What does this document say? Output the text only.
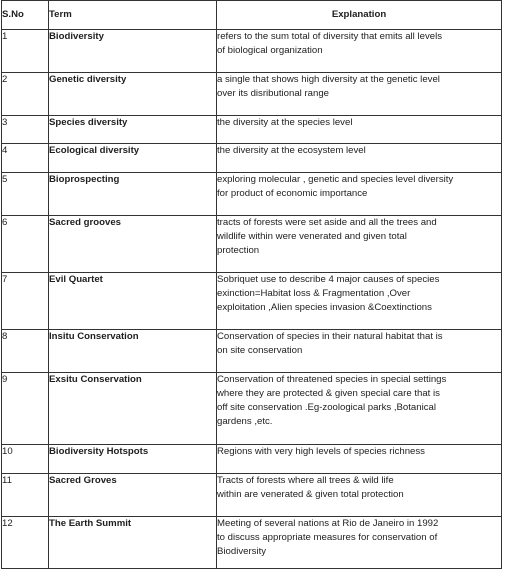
S.No	Term	Explanation
1	Biodiversity	refers to the sum total of diversity that emits all levels
of biological organization

2	Genetic diversity	a single that shows high diversity at the genetic level
over its disributional range

3	Species diversity	the diversity at the species level

4	Ecological diversity	the diversity at the ecosystem level

5	Bioprospecting	exploring molecular , genetic and species level diversity
for product of economic importance

6	Sacred grooves	tracts of forests were set aside and all the trees and
wildlife within were venerated and given total
protection

7	Evil Quartet	Sobriquet use to describe 4 major causes of species
exinction=Habitat loss & Fragmentation ,Over
exploitation ,Alien species invasion &Coextinctions

8	Insitu Conservation	Conservation of species in their natural habitat that is
on site conservation

9	Exsitu Conservation	Conservation of threatened species in special settings
where they are protected & given special care that is
off site conservation .Eg-zoological parks ,Botanical
gardens ,etc.

10	Biodiversity Hotspots	Regions with very high levels of species richness

11	Sacred Groves	Tracts of forests where all trees & wild life
within are venerated & given total protection

12	The Earth Summit	Meeting of several nations at Rio de Janeiro in 1992
to discuss appropriate measures for conservation of
Biodiversity
